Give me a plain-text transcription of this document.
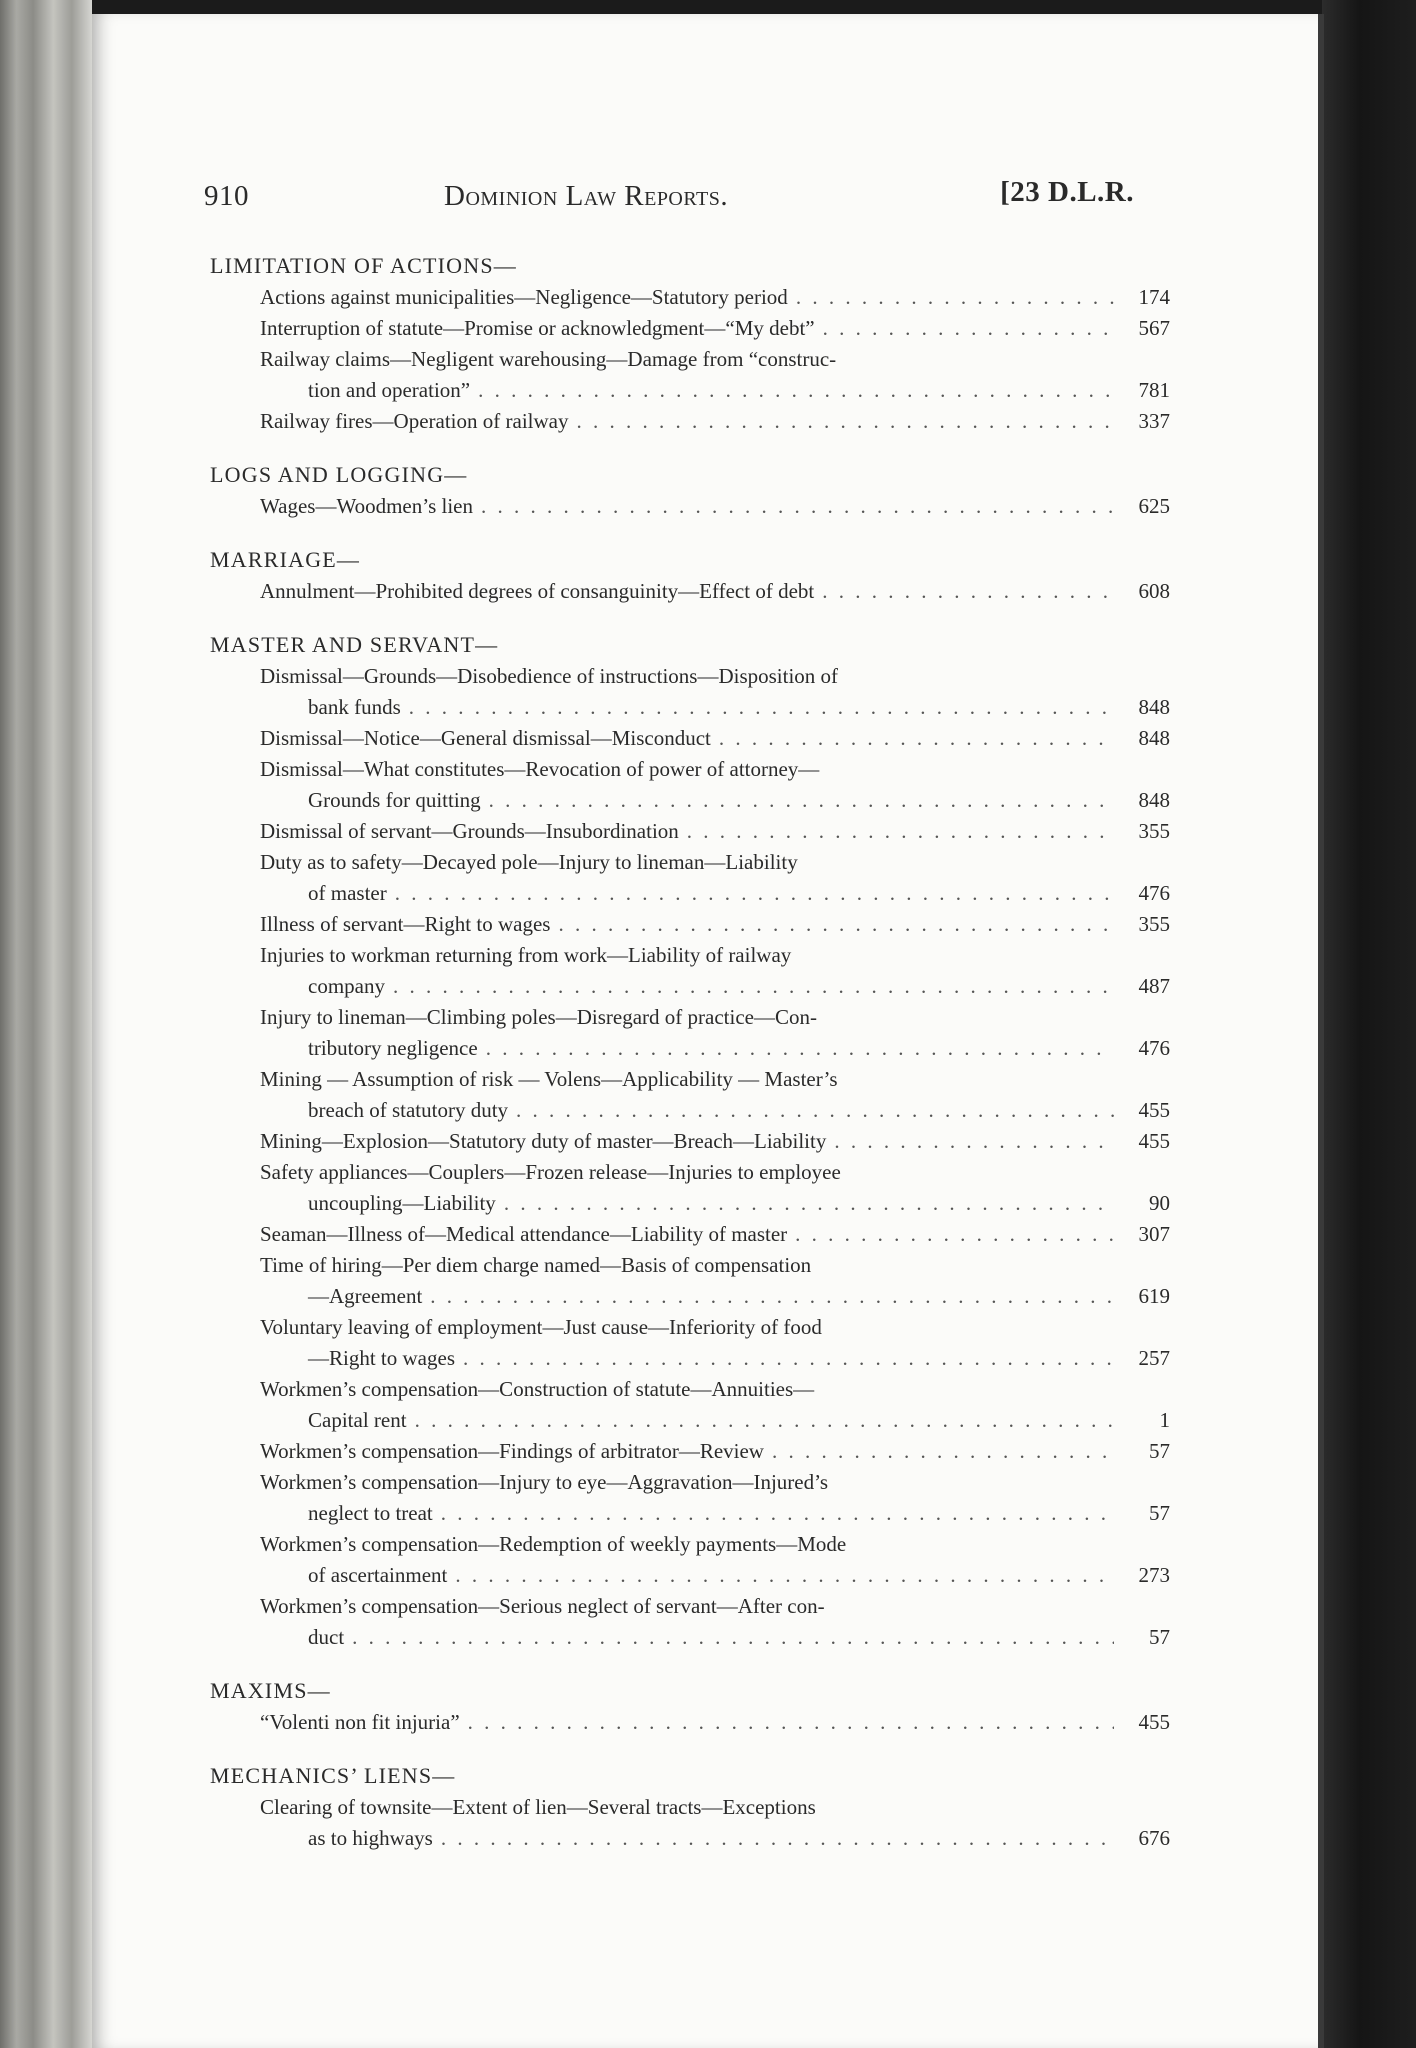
910	Dominion Law Reports.	[23 D.L.R.
LIMITATION OF ACTIONS—
Actions against municipalities—Negligence—Statutory period . . .	174
Interruption of statute—Promise or acknowledgment—“My debt” . . .	567
Railway claims—Negligent warehousing—Damage from “construc-
tion and operation” . . .	781
Railway fires—Operation of railway . . .	337
LOGS AND LOGGING—
Wages—Woodmen’s lien . . .	625
MARRIAGE—
Annulment—Prohibited degrees of consanguinity—Effect of debt . . .	608
MASTER AND SERVANT—
Dismissal—Grounds—Disobedience of instructions—Disposition of
bank funds . . .	848
Dismissal—Notice—General dismissal—Misconduct . . .	848
Dismissal—What constitutes—Revocation of power of attorney—
Grounds for quitting . . .	848
Dismissal of servant—Grounds—Insubordination . . .	355
Duty as to safety—Decayed pole—Injury to lineman—Liability
of master . . .	476
Illness of servant—Right to wages . . .	355
Injuries to workman returning from work—Liability of railway
company . . .	487
Injury to lineman—Climbing poles—Disregard of practice—Con-
tributory negligence . . .	476
Mining — Assumption of risk — Volens—Applicability — Master’s
breach of statutory duty . . .	455
Mining—Explosion—Statutory duty of master—Breach—Liability . . .	455
Safety appliances—Couplers—Frozen release—Injuries to employee
uncoupling—Liability . . .	90
Seaman—Illness of—Medical attendance—Liability of master . . .	307
Time of hiring—Per diem charge named—Basis of compensation
—Agreement . . .	619
Voluntary leaving of employment—Just cause—Inferiority of food
—Right to wages . . .	257
Workmen’s compensation—Construction of statute—Annuities—
Capital rent . . .	1
Workmen’s compensation—Findings of arbitrator—Review . . .	57
Workmen’s compensation—Injury to eye—Aggravation—Injured’s
neglect to treat . . .	57
Workmen’s compensation—Redemption of weekly payments—Mode
of ascertainment . . .	273
Workmen’s compensation—Serious neglect of servant—After con-
duct . . .	57
MAXIMS—
“Volenti non fit injuria” . . .	455
MECHANICS’ LIENS—
Clearing of townsite—Extent of lien—Several tracts—Exceptions
as to highways . . .	676
